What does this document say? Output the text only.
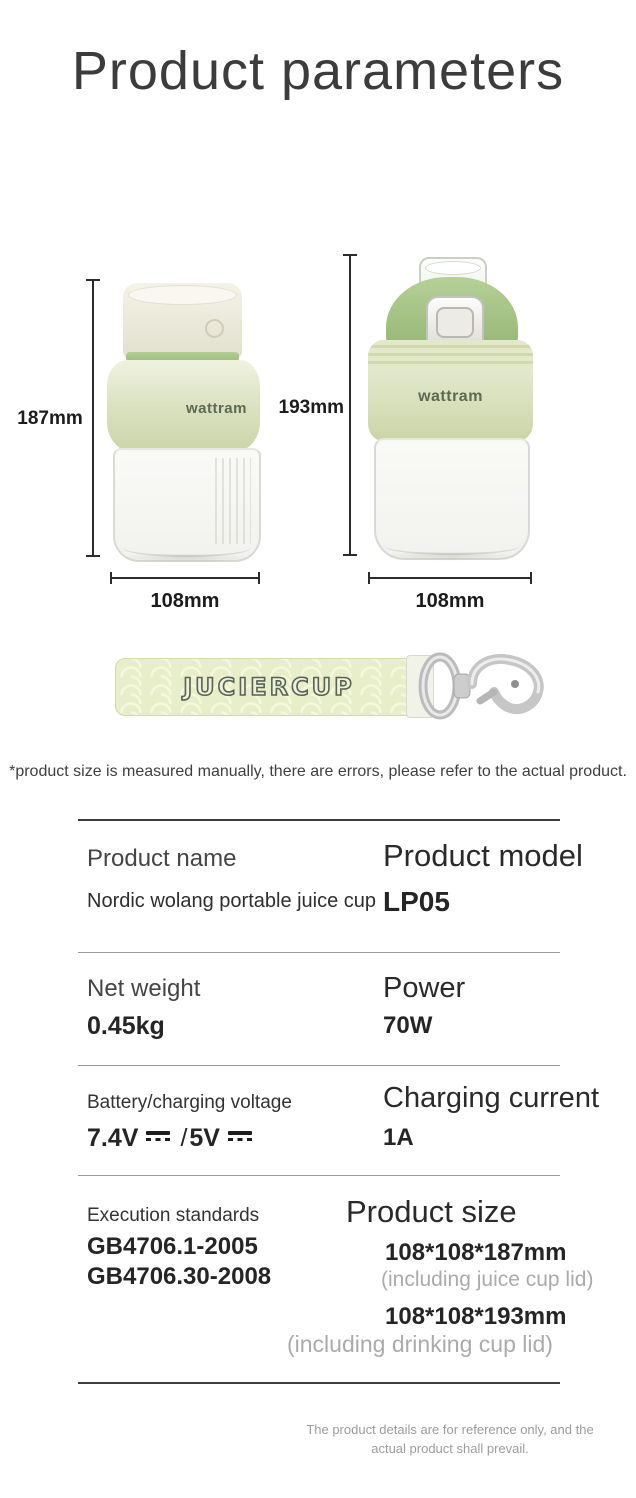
Product parameters
wattram
wattram
187mm
193mm
108mm	108mm
JUCIERCUP
*product size is measured manually, there are errors, please refer to the actual product.
Product name
Nordic wolang portable juice cup
Product model
LP05
Net weight
0.45kg
Power
70W
Battery/charging voltage
7.4V /5V
Charging current
1A
Execution standards
GB4706.1-2005
GB4706.30-2008
Product size
108*108*187mm
(including juice cup lid)
108*108*193mm
(including drinking cup lid)
The product details are for reference only, and the actual product shall prevail.
